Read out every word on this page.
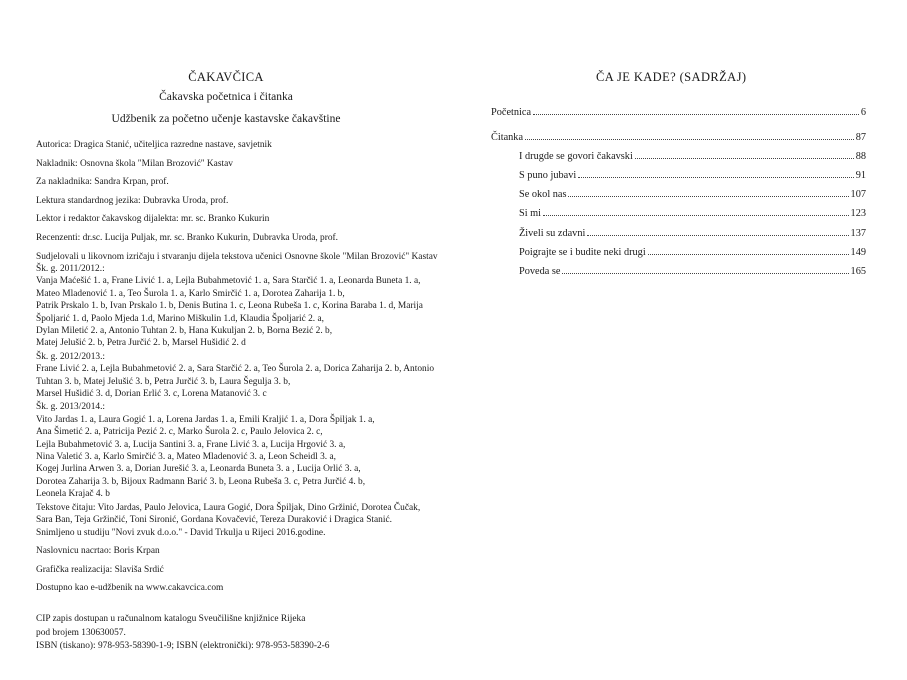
ČAKAVČICA
Čakavska početnica i čitanka
Udžbenik za početno učenje kastavske čakavštine

Autorica: Dragica Stanić, učiteljica razredne nastave, savjetnik

Nakladnik: Osnovna škola "Milan Brozović" Kastav

Za nakladnika: Sandra Krpan, prof.

Lektura standardnog jezika: Dubravka Uroda, prof.

Lektor i redaktor čakavskog dijalekta: mr. sc. Branko Kukurin

Recenzenti: dr.sc. Lucija Puljak, mr. sc. Branko Kukurin, Dubravka Uroda, prof.

Sudjelovali u likovnom izričaju i stvaranju dijela tekstova učenici Osnovne škole "Milan Brozović" Kastav
Šk. g. 2011/2012.:
Vanja Maćešić 1. a, Frane Livić 1. a, Lejla Bubahmetović 1. a, Sara Starčić 1. a, Leonarda Buneta 1. a,
Mateo Mladenović 1. a, Teo Šurola 1. a, Karlo Smirčić 1. a, Dorotea Zaharija 1. b,
Patrik Prskalo 1. b, Ivan Prskalo 1. b, Denis Butina 1. c, Leona Rubeša 1. c, Korina Baraba 1. d, Marija
Špoljarić 1. d, Paolo Mjeda 1.d, Marino Miškulin 1.d, Klaudia Špoljarić 2. a,
Dylan Miletić 2. a, Antonio Tuhtan 2. b, Hana Kukuljan 2. b, Borna Bezić 2. b,
Matej Jelušić 2. b, Petra Jurčić 2. b, Marsel Hušidić 2. d

Šk. g. 2012/2013.:
Frane Livić 2. a, Lejla Bubahmetović 2. a, Sara Starčić 2. a, Teo Šurola 2. a, Dorica Zaharija 2. b, Antonio
Tuhtan 3. b, Matej Jelušić 3. b, Petra Jurčić 3. b, Laura Šegulja 3. b,
Marsel Hušidić 3. d, Dorian Erlić 3. c, Lorena Matanović 3. c

Šk. g. 2013/2014.:
Vito Jardas 1. a, Laura Gogić 1. a, Lorena Jardas 1. a, Emili Kraljić 1. a, Dora Špiljak 1. a,
Ana Šimetić 2. a, Patricija Pezić 2. c, Marko Šurola 2. c, Paulo Jelovica 2. c,
Lejla Bubahmetović 3. a, Lucija Santini 3. a, Frane Livić 3. a, Lucija Hrgović 3. a,
Nina Valetić 3. a, Karlo Smirčić 3. a, Mateo Mladenović 3. a, Leon Scheidl 3. a,
Kogej Jurlina Arwen 3. a, Dorian Jurešić 3. a, Leonarda Buneta 3. a , Lucija Orlić 3. a,
Dorotea Zaharija 3. b, Bijoux Radmann Barić 3. b, Leona Rubeša 3. c, Petra Jurčić 4. b,
Leonela Krajač 4. b

Tekstove čitaju: Vito Jardas, Paulo Jelovica, Laura Gogić, Dora Špiljak, Dino Gržinić, Dorotea Čučak,
Sara Ban, Teja Gržinčić, Toni Sironić, Gordana Kovačević, Tereza Duraković i Dragica Stanić.
Snimljeno u studiju "Novi zvuk d.o.o." - David Trkulja u Rijeci 2016.godine.

Naslovnicu nacrtao: Boris Krpan

Grafička realizacija: Slaviša Srdić

Dostupno kao e-udžbenik na www.cakavcica.com

CIP zapis dostupan u računalnom katalogu Sveučilišne knjižnice Rijeka
pod brojem 130630057.
ISBN (tiskano): 978-953-58390-1-9; ISBN (elektronički): 978-953-58390-2-6
ČA JE KADE? (SADRŽAJ)
Početnica	6
Čitanka	87
I drugde se govori čakavski	88
S puno jubavi	91
Se okol nas	107
Si mi	123
Živeli su zdavni	137
Poigrajte se i budite neki drugi	149
Poveda se	165
